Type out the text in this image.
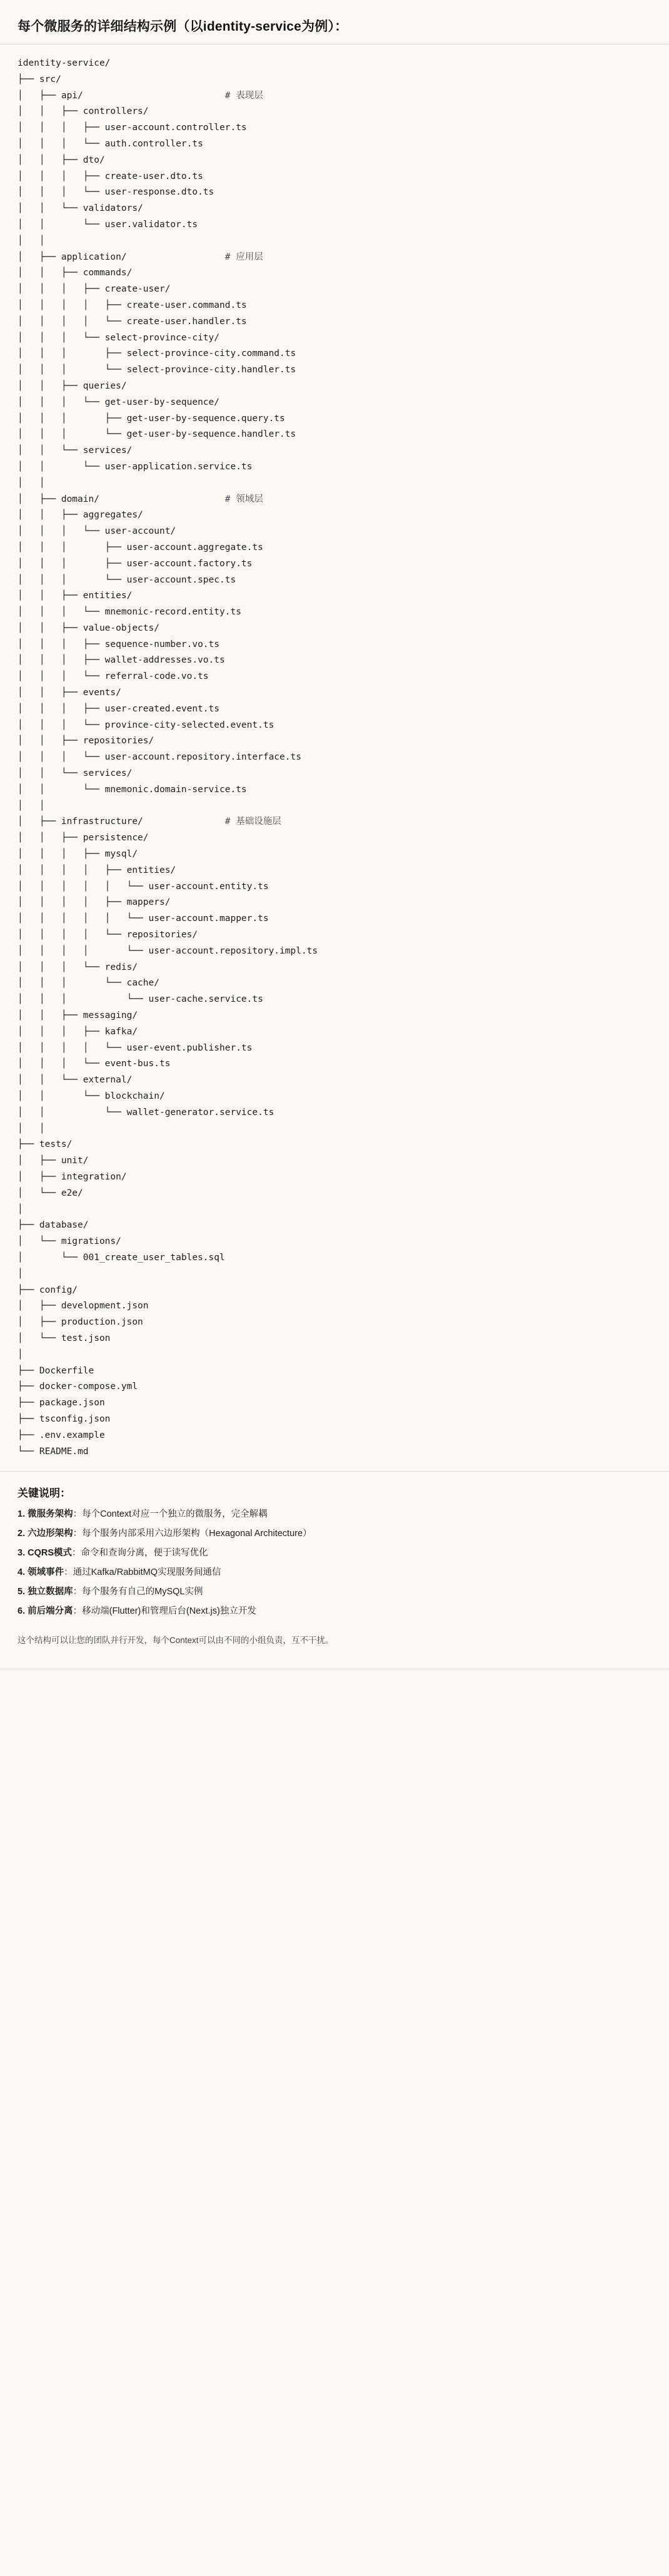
每个微服务的详细结构示例（以identity-service为例）：
identity-service/
├── src/
│   ├── api/                          # 表现层
│   │   ├── controllers/
│   │   │   ├── user-account.controller.ts
│   │   │   └── auth.controller.ts
│   │   ├── dto/
│   │   │   ├── create-user.dto.ts
│   │   │   └── user-response.dto.ts
│   │   └── validators/
│   │       └── user.validator.ts
│   │
│   ├── application/                  # 应用层
│   │   ├── commands/
│   │   │   ├── create-user/
│   │   │   │   ├── create-user.command.ts
│   │   │   │   └── create-user.handler.ts
│   │   │   └── select-province-city/
│   │   │       ├── select-province-city.command.ts
│   │   │       └── select-province-city.handler.ts
│   │   ├── queries/
│   │   │   └── get-user-by-sequence/
│   │   │       ├── get-user-by-sequence.query.ts
│   │   │       └── get-user-by-sequence.handler.ts
│   │   └── services/
│   │       └── user-application.service.ts
│   │
│   ├── domain/                       # 领域层
│   │   ├── aggregates/
│   │   │   └── user-account/
│   │   │       ├── user-account.aggregate.ts
│   │   │       ├── user-account.factory.ts
│   │   │       └── user-account.spec.ts
│   │   ├── entities/
│   │   │   └── mnemonic-record.entity.ts
│   │   ├── value-objects/
│   │   │   ├── sequence-number.vo.ts
│   │   │   ├── wallet-addresses.vo.ts
│   │   │   └── referral-code.vo.ts
│   │   ├── events/
│   │   │   ├── user-created.event.ts
│   │   │   └── province-city-selected.event.ts
│   │   ├── repositories/
│   │   │   └── user-account.repository.interface.ts
│   │   └── services/
│   │       └── mnemonic.domain-service.ts
│   │
│   ├── infrastructure/               # 基础设施层
│   │   ├── persistence/
│   │   │   ├── mysql/
│   │   │   │   ├── entities/
│   │   │   │   │   └── user-account.entity.ts
│   │   │   │   ├── mappers/
│   │   │   │   │   └── user-account.mapper.ts
│   │   │   │   └── repositories/
│   │   │   │       └── user-account.repository.impl.ts
│   │   │   └── redis/
│   │   │       └── cache/
│   │   │           └── user-cache.service.ts
│   │   ├── messaging/
│   │   │   ├── kafka/
│   │   │   │   └── user-event.publisher.ts
│   │   │   └── event-bus.ts
│   │   └── external/
│   │       └── blockchain/
│   │           └── wallet-generator.service.ts
│   │
├── tests/
│   ├── unit/
│   ├── integration/
│   └── e2e/
│
├── database/
│   └── migrations/
│       └── 001_create_user_tables.sql
│
├── config/
│   ├── development.json
│   ├── production.json
│   └── test.json
│
├── Dockerfile
├── docker-compose.yml
├── package.json
├── tsconfig.json
├── .env.example
└── README.md
关键说明：
1. 微服务架构：每个Context对应一个独立的微服务，完全解耦
2. 六边形架构：每个服务内部采用六边形架构（Hexagonal Architecture）
3. CQRS模式：命令和查询分离，便于读写优化
4. 领域事件：通过Kafka/RabbitMQ实现服务间通信
5. 独立数据库：每个服务有自己的MySQL实例
6. 前后端分离：移动端(Flutter)和管理后台(Next.js)独立开发
这个结构可以让您的团队并行开发，每个Context可以由不同的小组负责，互不干扰。
